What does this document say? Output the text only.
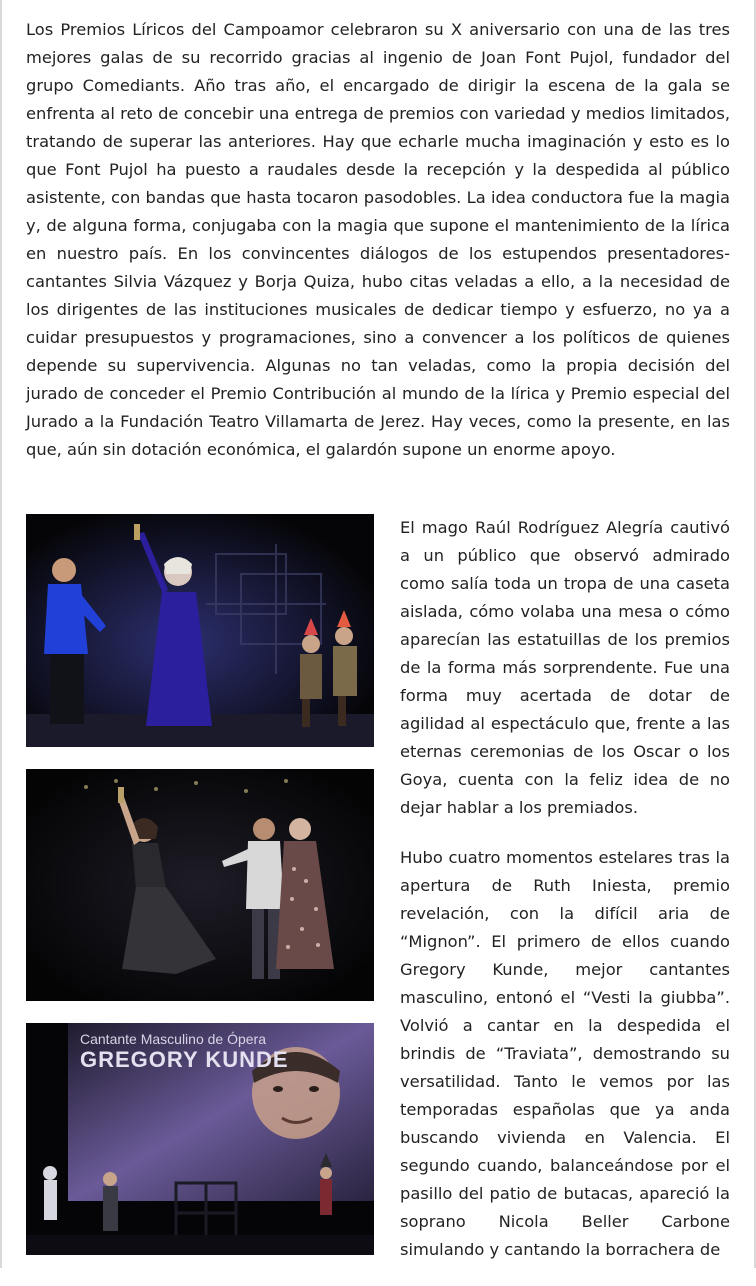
Los Premios Líricos del Campoamor celebraron su X aniversario con una de las tres mejores galas de su recorrido gracias al ingenio de Joan Font Pujol, fundador del grupo Comediants. Año tras año, el encargado de dirigir la escena de la gala se enfrenta al reto de concebir una entrega de premios con variedad y medios limitados, tratando de superar las anteriores. Hay que echarle mucha imaginación y esto es lo que Font Pujol ha puesto a raudales desde la recepción y la despedida al público asistente, con bandas que hasta tocaron pasodobles. La idea conductora fue la magia y, de alguna forma, conjugaba con la magia que supone el mantenimiento de la lírica en nuestro país. En los convincentes diálogos de los estupendos presentadores-cantantes Silvia Vázquez y Borja Quiza, hubo citas veladas a ello, a la necesidad de los dirigentes de las instituciones musicales de dedicar tiempo y esfuerzo, no ya a cuidar presupuestos y programaciones, sino a convencer a los políticos de quienes depende su supervivencia. Algunas no tan veladas, como la propia decisión del jurado de conceder el Premio Contribución al mundo de la lírica y Premio especial del Jurado a la Fundación Teatro Villamarta de Jerez. Hay veces, como la presente, en las que, aún sin dotación económica, el galardón supone un enorme apoyo.
Cantante Masculino de Ópera
GREGORY KUNDE

El mago Raúl Rodríguez Alegría cautivó a un público que observó admirado como salía toda un tropa de una caseta aislada, cómo volaba una mesa o cómo aparecían las estatuillas de los premios de la forma más sorprendente. Fue una forma muy acertada de dotar de agilidad al espectáculo que, frente a las eternas ceremonias de los Oscar o los Goya, cuenta con la feliz idea de no dejar hablar a los premiados.

Hubo cuatro momentos estelares tras la apertura de Ruth Iniesta, premio revelación, con la difícil aria de “Mignon”. El primero de ellos cuando Gregory Kunde, mejor cantantes masculino, entonó el “Vesti la giubba”. Volvió a cantar en la despedida el brindis de “Traviata”, demostrando su versatilidad. Tanto le vemos por las temporadas españolas que ya anda buscando vivienda en Valencia. El segundo cuando, balanceándose por el pasillo del patio de butacas, apareció la soprano Nicola Beller Carbone simulando y cantando la borrachera de
